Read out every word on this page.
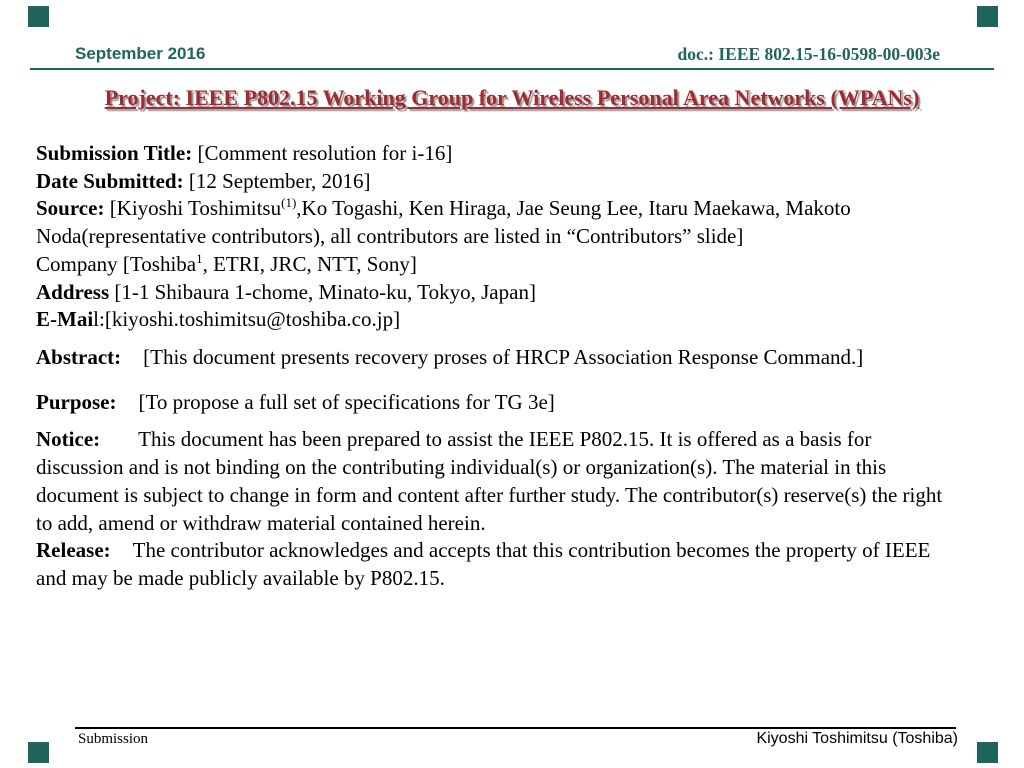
September 2016	doc.: IEEE 802.15-16-0598-00-003e
Project: IEEE P802.15 Working Group for Wireless Personal Area Networks (WPANs)

Submission Title: [Comment resolution for i-16]

Date Submitted: [12 September, 2016]

Source: [Kiyoshi Toshimitsu$^{(1)}$,Ko Togashi, Ken Hiraga, Jae Seung Lee, Itaru Maekawa, Makoto Noda(representative contributors), all contributors are listed in “Contributors” slide]

Company [Toshiba$^1$, ETRI, JRC, NTT, Sony]

Address [1-1 Shibaura 1-chome, Minato-ku, Tokyo, Japan]

E-Mail:[kiyoshi.toshimitsu@toshiba.co.jp]

Abstract: [This document presents recovery proses of HRCP Association Response Command.]

Purpose: [To propose a full set of specifications for TG 3e]

Notice: This document has been prepared to assist the IEEE P802.15. It is offered as a basis for discussion and is not binding on the contributing individual(s) or organization(s). The material in this document is subject to change in form and content after further study. The contributor(s) reserve(s) the right to add, amend or withdraw material contained herein.

Release: The contributor acknowledges and accepts that this contribution becomes the property of IEEE and may be made publicly available by P802.15.

Submission	Kiyoshi Toshimitsu (Toshiba)
